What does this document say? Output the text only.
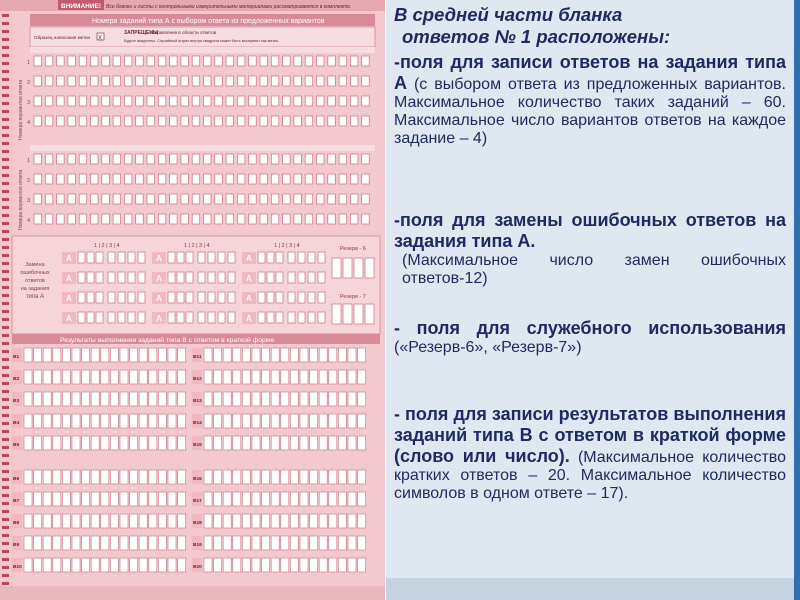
ВНИМАНИЕ! Все бланки и листы с контрольными измерительными материалами рассматриваются в комплекте.
Номера заданий типа А с выбором ответа из предложенных вариантов
Образец написания метки X
ЗАПРЕЩЕНЫ
исправления в области ответов
Будьте аккуратны. Случайный штрих внутри квадрата может быть воспринят как метка.
1
2
3
4
1
2
3
4
Номера вариантов ответа
Номера вариантов ответа
Замена
ошибочных
ответов
на задания
типа А
1 | 2 | 3 | 4
A
A
A
A
1 | 2 | 3 | 4
A
A
A
A
1 | 2 | 3 | 4
A
A
A
A
Резерв - 6
Резерв - 7
Результаты выполнения заданий типа В с ответом в краткой форме
B1	B11
B2	B12
B3	B13
B4	B14
B5	B15
B6	B16
B7	B17
B8	B18
B9	B19
B10	B20
В средней части бланка
ответов № 1 расположены:

-поля для записи ответов на задания типа А (с выбором ответа из предложенных вариантов. Максимальное количество таких заданий – 60. Максимальное число вариантов ответов на каждое задание – 4)

-поля для замены ошибочных ответов на задания типа А.
(Максимальное число замен ошибочных ответов-12)

- поля для служебного использования («Резерв-6», «Резерв-7»)

- поля для записи результатов выполнения заданий типа В с ответом в краткой форме (слово или число). (Максимальное количество кратких ответов – 20. Максимальное количество символов в одном ответе – 17).
